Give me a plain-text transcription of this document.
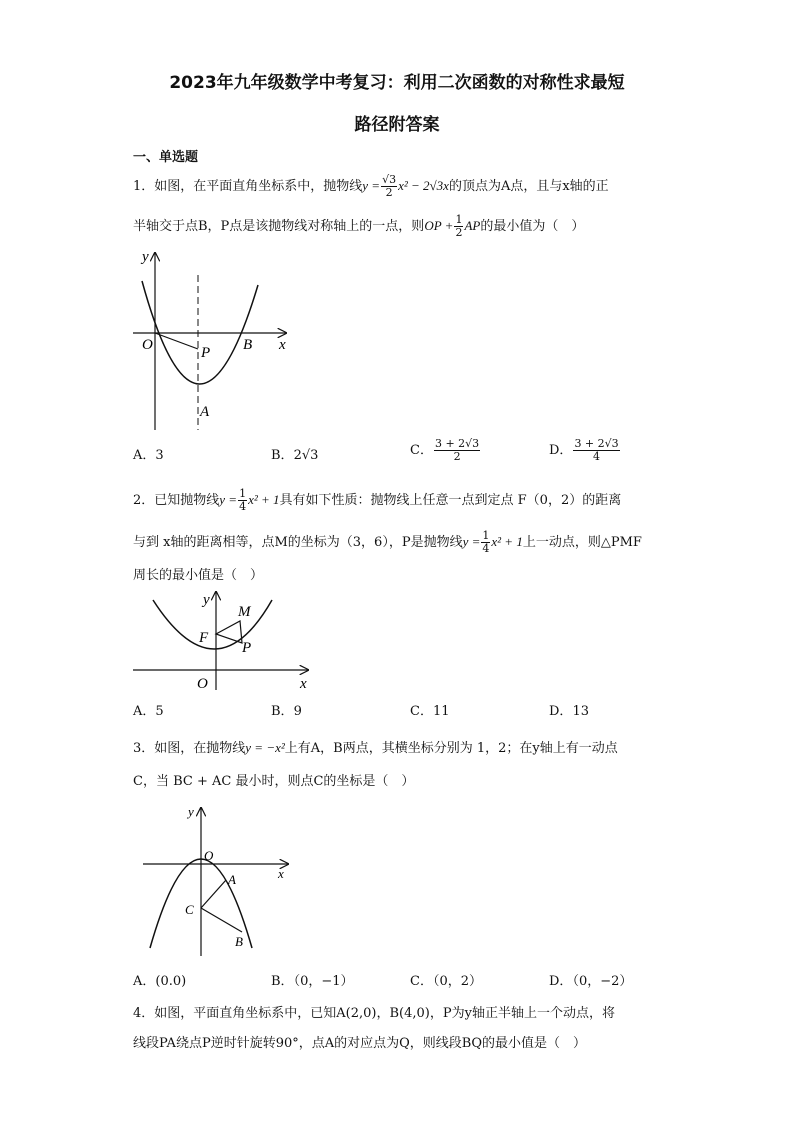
2023年九年级数学中考复习：利用二次函数的对称性求最短
路径附答案
一、单选题
1．如图，在平面直角坐标系中，抛物线$y = \frac{√3}{2} x^2 - 2√3x$的顶点为A点，且与x轴的正
半轴交于点B，P点是该抛物线对称轴上的一点，则OP + $\frac{1}{2}$ AP的最小值为（　）
y
x
O	P B
A
A．3	B．2√3	C． $\frac{3 + 2√3}{2}$	D． $\frac{3 + 2√3}{4}$
2．已知抛物线$y = \frac{1}{4} x^2 + 1$具有如下性质：抛物线上任意一点到定点 F（0，2）的距离
与到 x轴的距离相等，点M的坐标为（3，6），P是抛物线$y = \frac{1}{4} x^2 + 1$上一动点，则△PMF
周长的最小值是（　）
y
M
F
P
O	x
A．5	B．9	C．11	D．13
3．如图，在抛物线y = −x²上有A，B两点，其横坐标分别为 1，2；在y轴上有一动点
C，当 BC + AC 最小时，则点C的坐标是（　）
y
O
x
A
C
B
A．(0.0)	B．（0，−1）	C．（0，2）	D．（0，−2）
4．如图，平面直角坐标系中，已知A(2,0)，B(4,0)，P为y轴正半轴上一个动点，将
线段PA绕点P逆时针旋转90°，点A的对应点为Q，则线段BQ的最小值是（　）
